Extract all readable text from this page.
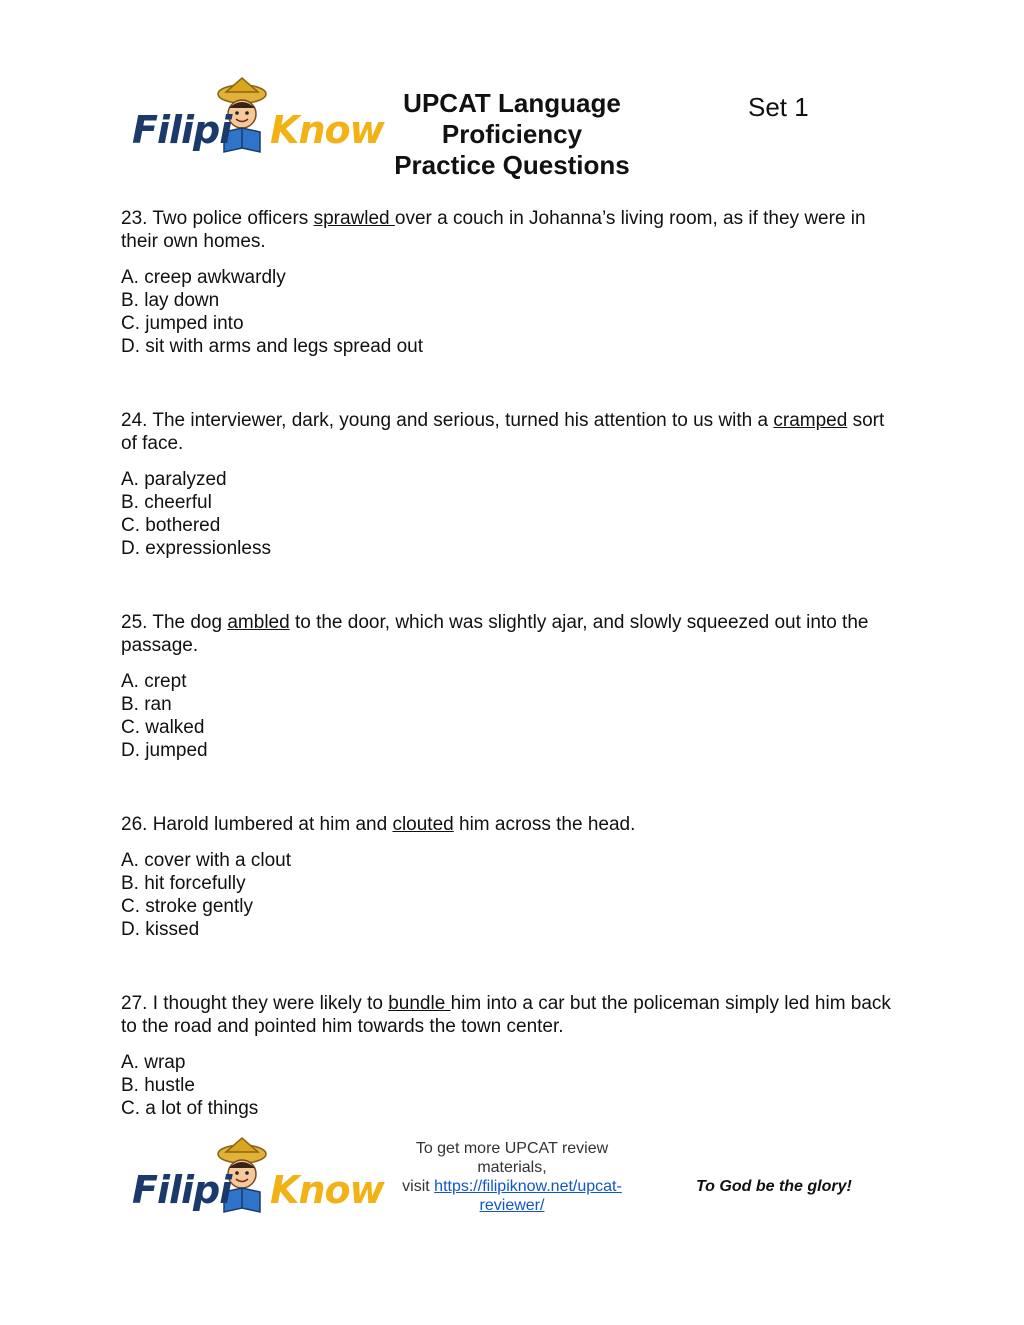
Filipi Know
UPCAT Language
Proficiency
Practice Questions
Set 1

23. Two police officers sprawled over a couch in Johanna’s living room, as if they were in their own homes.

A. creep awkwardly
B. lay down
C. jumped into
D. sit with arms and legs spread out

24. The interviewer, dark, young and serious, turned his attention to us with a cramped sort of face.

A. paralyzed
B. cheerful
C. bothered
D. expressionless

25. The dog ambled to the door, which was slightly ajar, and slowly squeezed out into the passage.

A. crept
B. ran
C. walked
D. jumped

26. Harold lumbered at him and clouted him across the head.

A. cover with a clout
B. hit forcefully
C. stroke gently
D. kissed

27. I thought they were likely to bundle him into a car but the policeman simply led him back to the road and pointed him towards the town center.

A. wrap
B. hustle
C. a lot of things
Filipi Know
To get more UPCAT review materials,
visit https://filipiknow.net/upcat-reviewer/
To God be the glory!
